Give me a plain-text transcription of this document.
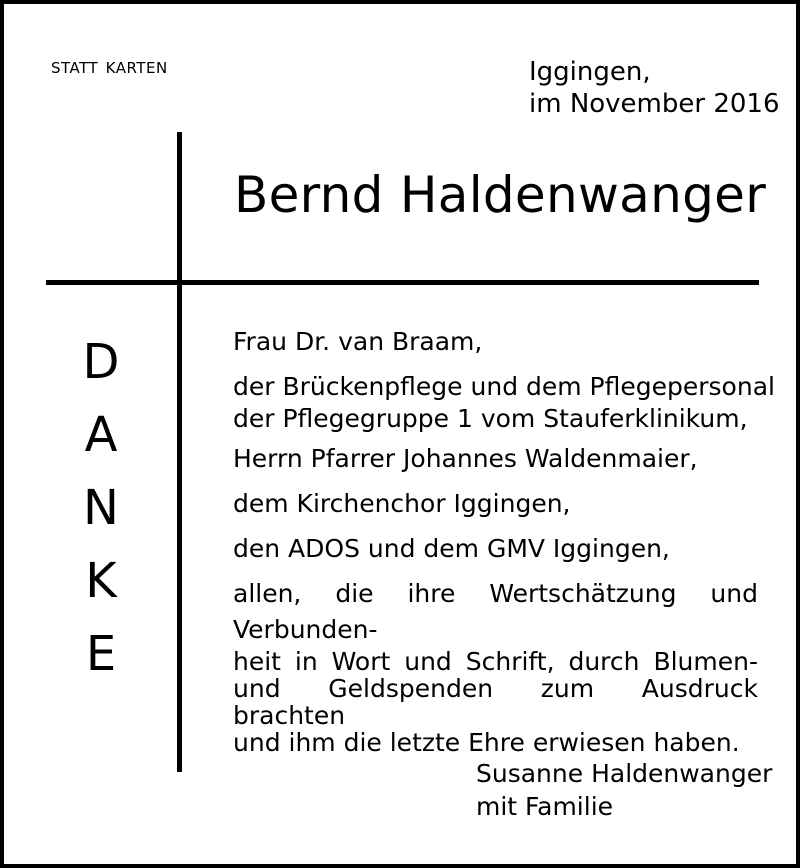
statt karten	Iggingen,
im November 2016
Bernd Haldenwanger
D
A
N
K
E
Frau Dr. van Braam,
der Brückenpflege und dem Pflegepersonal
der Pflegegruppe 1 vom Stauferklinikum,
Herrn Pfarrer Johannes Waldenmaier,
dem Kirchenchor Iggingen,
den ADOS und dem GMV Iggingen,
allen, die ihre Wertschätzung und Verbunden-
heit in Wort und Schrift, durch Blumen-
und Geldspenden zum Ausdruck brachten
und ihm die letzte Ehre erwiesen haben.
Susanne Haldenwanger
mit Familie
